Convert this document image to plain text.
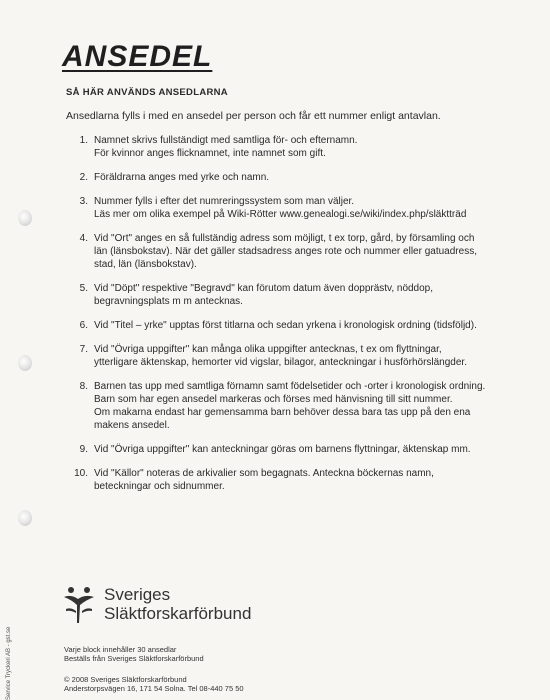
ANSEDEL
SÅ HÄR ANVÄNDS ANSEDLARNA
Ansedlarna fylls i med en ansedel per person och får ett nummer enligt antavlan.
1. Namnet skrivs fullständigt med samtliga för- och efternamn.
För kvinnor anges flicknamnet, inte namnet som gift.
2. Föräldrarna anges med yrke och namn.
3. Nummer fylls i efter det numreringssystem som man väljer.
Läs mer om olika exempel på Wiki-Rötter www.genealogi.se/wiki/index.php/släktträd
4. Vid "Ort" anges en så fullständig adress som möjligt, t ex torp, gård, by församling och
län (länsbokstav). När det gäller stadsadress anges rote och nummer eller gatuadress,
stad, län (länsbokstav).
5. Vid "Döpt" respektive "Begravd" kan förutom datum även dopprästv, nöddop,
begravningsplats m m antecknas.
6. Vid "Titel – yrke" upptas först titlarna och sedan yrkena i kronologisk ordning (tidsföljd).
7. Vid "Övriga uppgifter" kan många olika uppgifter antecknas, t ex om flyttningar,
ytterligare äktenskap, hemorter vid vigslar, bilagor, anteckningar i husförhörslängder.
8. Barnen tas upp med samtliga förnamn samt födelsetider och -orter i kronologisk ordning.
Barn som har egen ansedel markeras och förses med hänvisning till sitt nummer.
Om makarna endast har gemensamma barn behöver dessa bara tas upp på den ena
makens ansedel.
9. Vid "Övriga uppgifter" kan anteckningar göras om barnens flyttningar, äktenskap mm.
10. Vid "Källor" noteras de arkivalier som begagnats. Anteckna böckernas namn,
beteckningar och sidnummer.
Sveriges
Släktforskarförbund
Varje block innehåller 30 ansedlar
Beställs från Sveriges Släktforskarförbund
© 2008 Sveriges Släktforskarförbund
Anderstorpsvägen 16, 171 54 Solna. Tel 08-440 75 50
Service Tryckeri AB - gst.se
